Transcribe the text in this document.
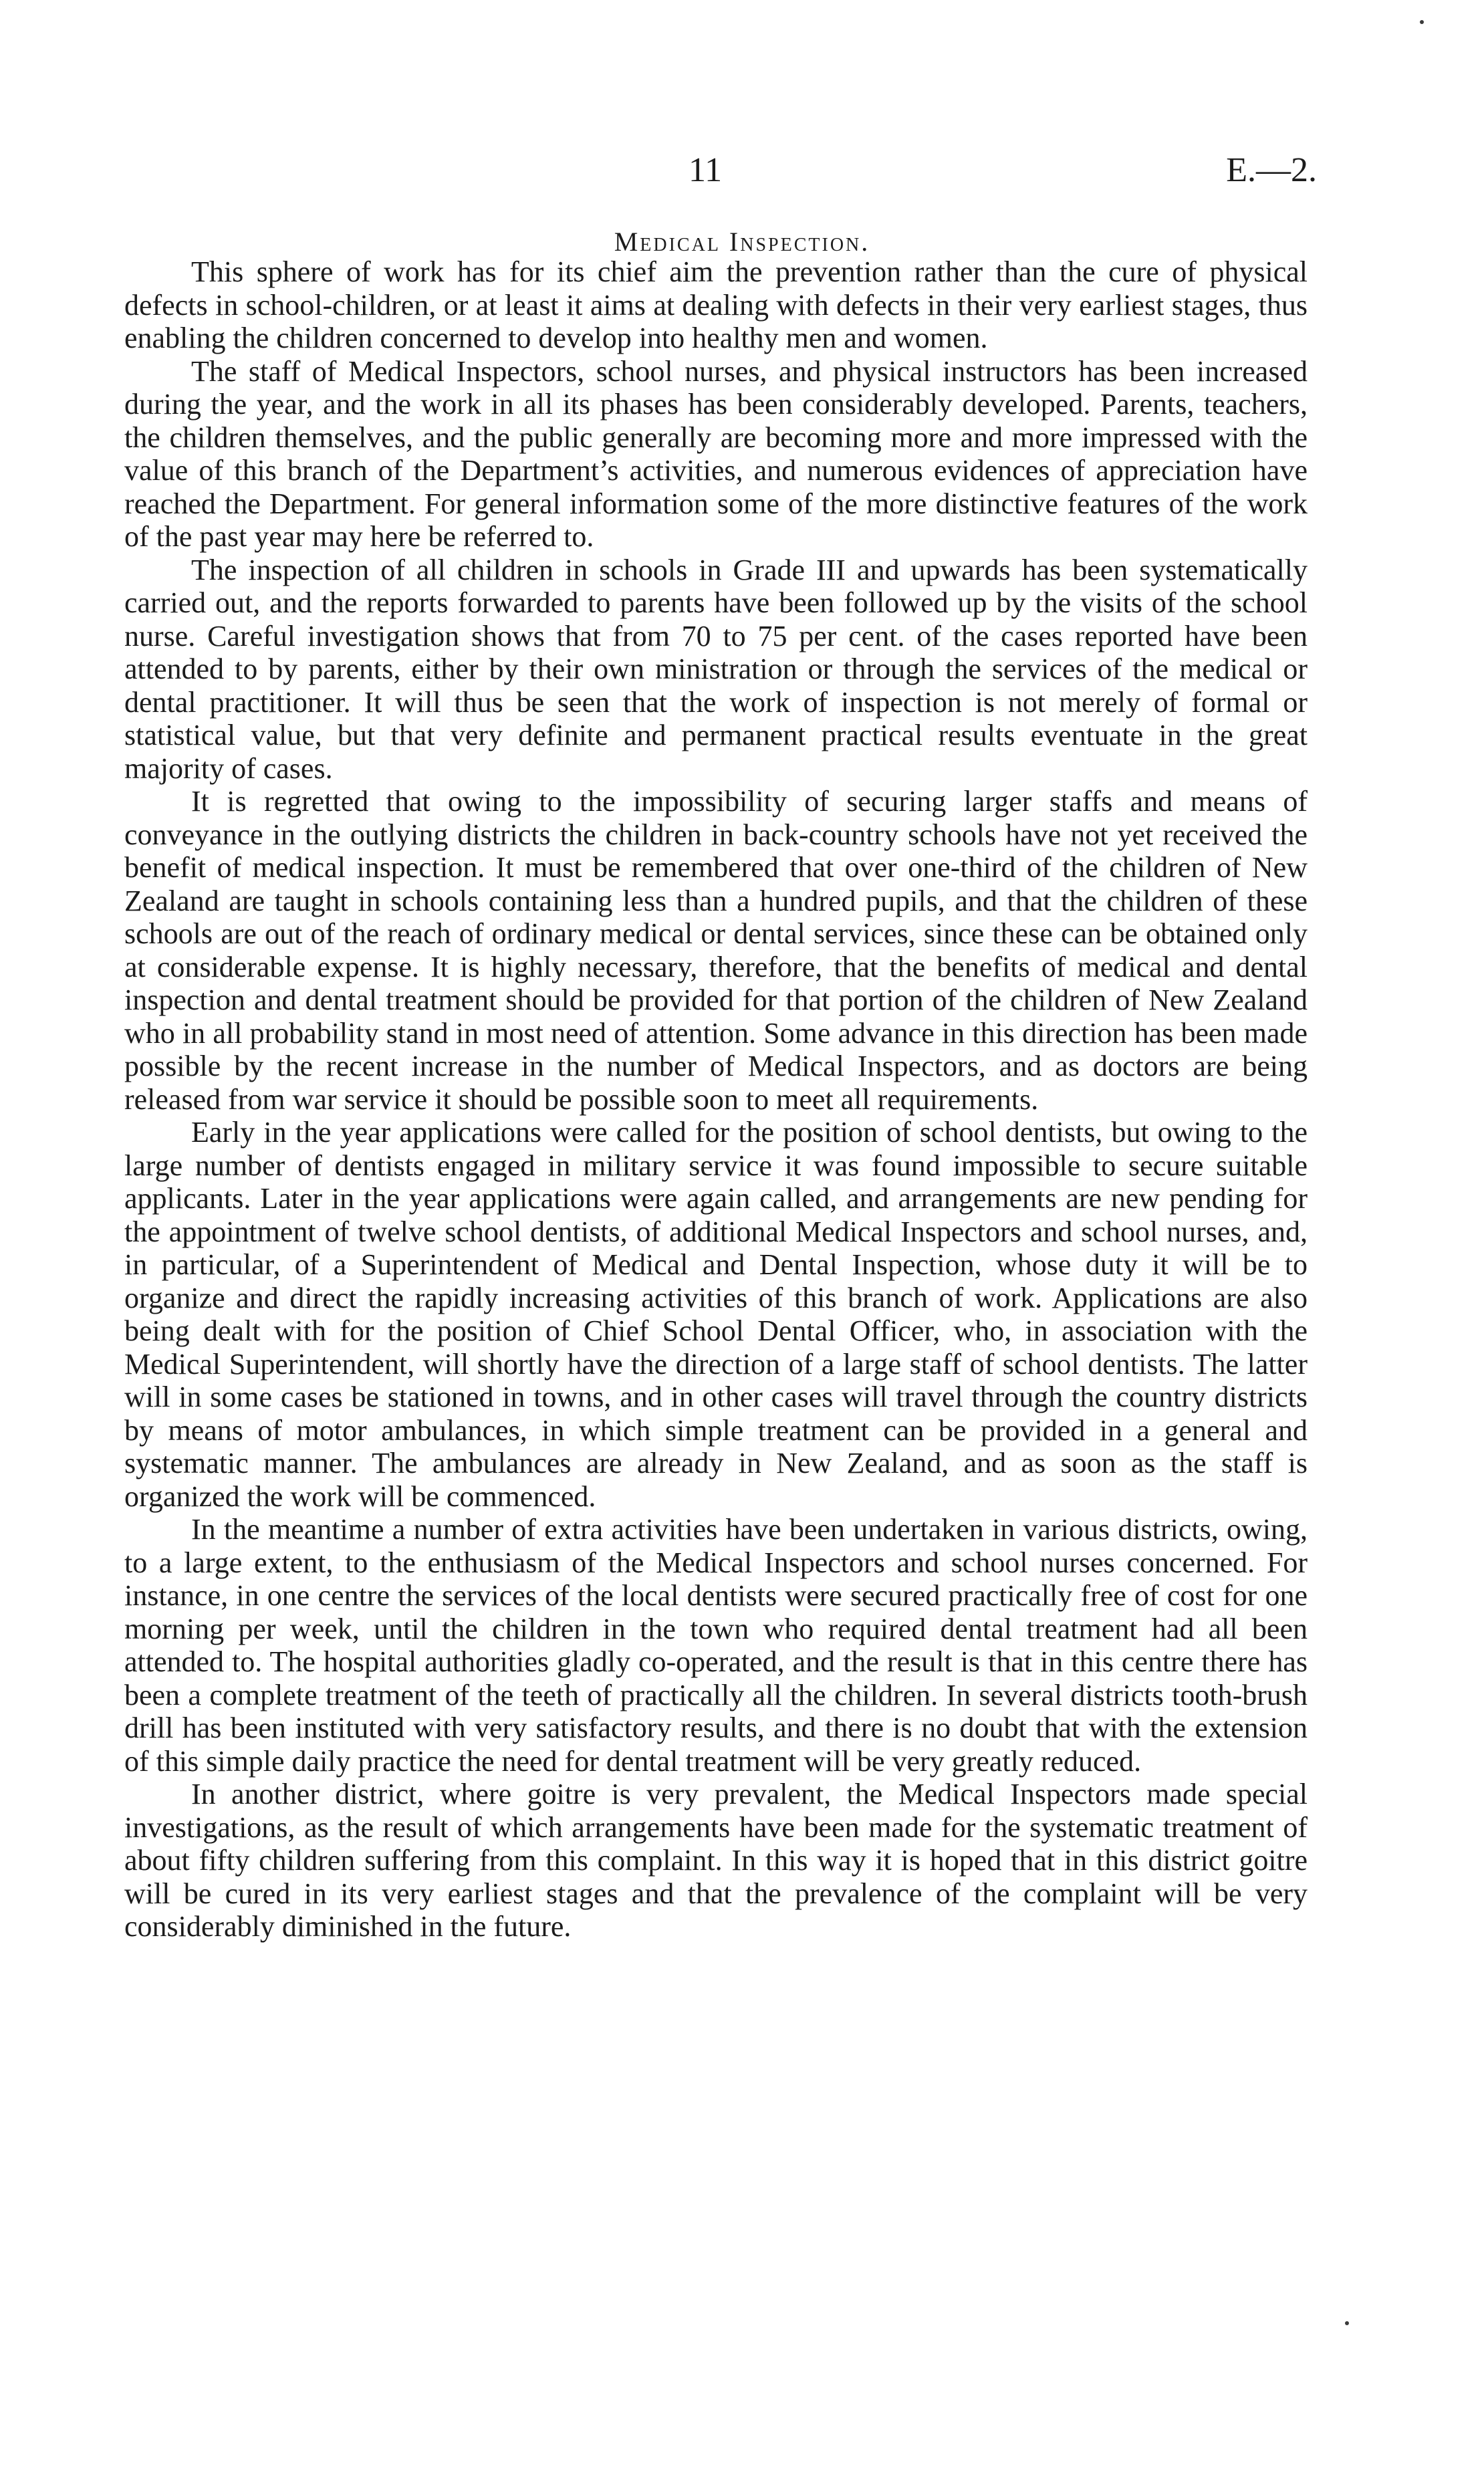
11	E.—2.
Medical Inspection.

This sphere of work has for its chief aim the prevention rather than the cure of physical defects in school-children, or at least it aims at dealing with defects in their very earliest stages, thus enabling the children concerned to develop into healthy men and women.

The staff of Medical Inspectors, school nurses, and physical instructors has been increased during the year, and the work in all its phases has been considerably developed. Parents, teachers, the children themselves, and the public generally are becoming more and more impressed with the value of this branch of the Department’s activities, and numerous evidences of appreciation have reached the Department. For general information some of the more distinctive features of the work of the past year may here be referred to.

The inspection of all children in schools in Grade III and upwards has been systematically carried out, and the reports forwarded to parents have been followed up by the visits of the school nurse. Careful investigation shows that from 70 to 75 per cent. of the cases reported have been attended to by parents, either by their own ministration or through the services of the medical or dental practitioner. It will thus be seen that the work of inspection is not merely of formal or statistical value, but that very definite and permanent practical results eventuate in the great majority of cases.

It is regretted that owing to the impossibility of securing larger staffs and means of conveyance in the outlying districts the children in back-country schools have not yet received the benefit of medical inspection. It must be remembered that over one-third of the children of New Zealand are taught in schools containing less than a hundred pupils, and that the children of these schools are out of the reach of ordinary medical or dental services, since these can be obtained only at considerable expense. It is highly necessary, therefore, that the benefits of medical and dental inspection and dental treatment should be provided for that portion of the children of New Zealand who in all probability stand in most need of attention. Some advance in this direction has been made possible by the recent increase in the number of Medical Inspectors, and as doctors are being released from war service it should be possible soon to meet all requirements.

Early in the year applications were called for the position of school dentists, but owing to the large number of dentists engaged in military service it was found impossible to secure suitable applicants. Later in the year applications were again called, and arrangements are new pending for the appointment of twelve school dentists, of additional Medical Inspectors and school nurses, and, in particular, of a Superintendent of Medical and Dental Inspection, whose duty it will be to organize and direct the rapidly increasing activities of this branch of work. Applications are also being dealt with for the position of Chief School Dental Officer, who, in association with the Medical Superintendent, will shortly have the direction of a large staff of school dentists. The latter will in some cases be stationed in towns, and in other cases will travel through the country districts by means of motor ambulances, in which simple treatment can be provided in a general and systematic manner. The ambulances are already in New Zealand, and as soon as the staff is organized the work will be commenced.

In the meantime a number of extra activities have been undertaken in various districts, owing, to a large extent, to the enthusiasm of the Medical Inspectors and school nurses concerned. For instance, in one centre the services of the local dentists were secured practically free of cost for one morning per week, until the children in the town who required dental treatment had all been attended to. The hospital authorities gladly co-operated, and the result is that in this centre there has been a complete treatment of the teeth of practically all the children. In several districts tooth-brush drill has been instituted with very satisfactory results, and there is no doubt that with the extension of this simple daily practice the need for dental treatment will be very greatly reduced.

In another district, where goitre is very prevalent, the Medical Inspectors made special investigations, as the result of which arrangements have been made for the systematic treatment of about fifty children suffering from this complaint. In this way it is hoped that in this district goitre will be cured in its very earliest stages and that the prevalence of the complaint will be very considerably diminished in the future.
